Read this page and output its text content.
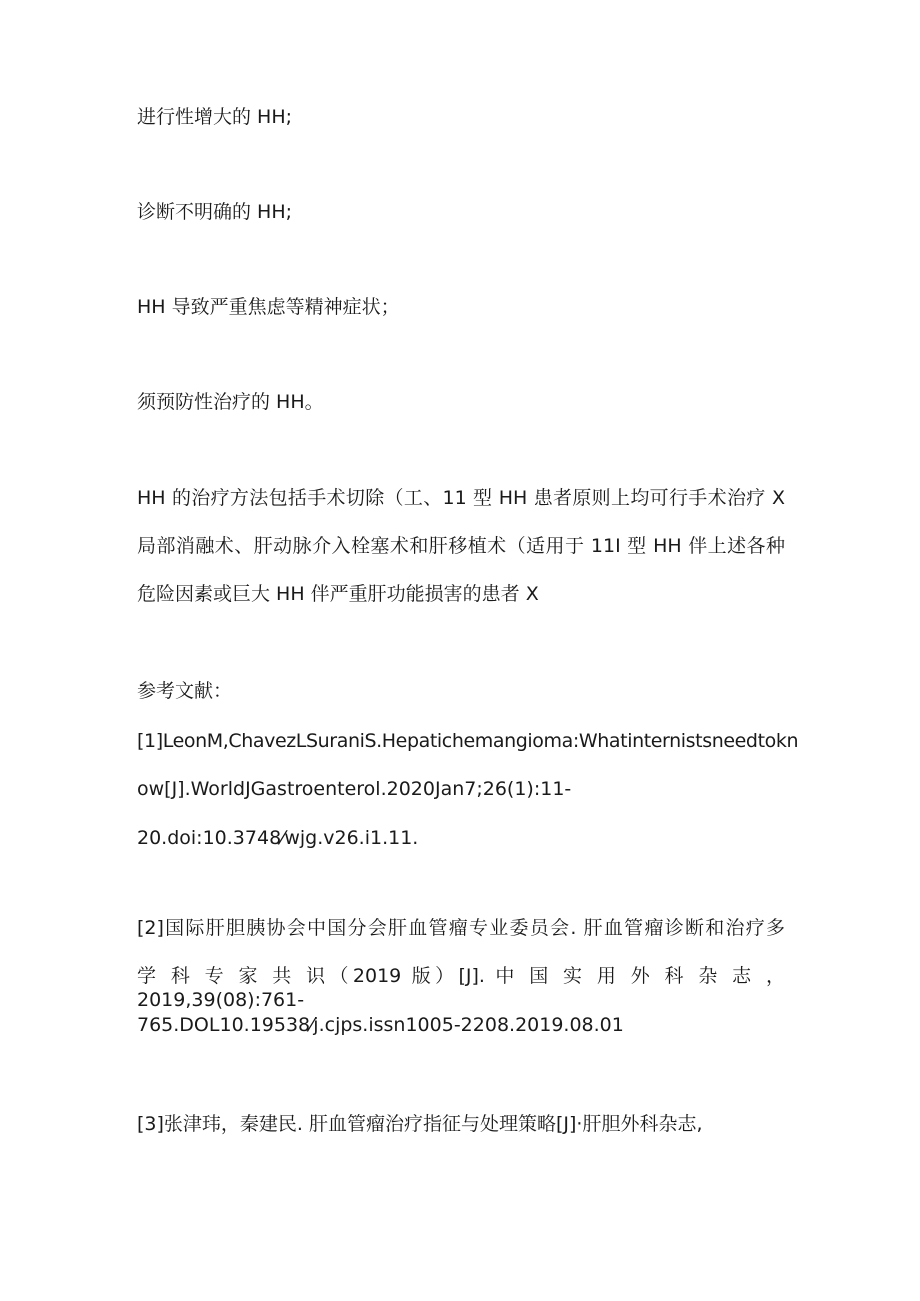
进行性增大的 HH;
诊断不明确的 HH;
HH 导致严重焦虑等精神症状；
须预防性治疗的 HH。
HH 的治疗方法包括手术切除（工、11 型 HH 患者原则上均可行手术治疗 X
局部消融术、肝动脉介入栓塞术和肝移植术（适用于 11I 型 HH 伴上述各种
危险因素或巨大 HH 伴严重肝功能损害的患者 X
参考文献：
[1]LeonM,ChavezLSuraniS.Hepatichemangioma:Whatinternistsneedtokn
ow[J].WorldJGastroenterol.2020Jan7;26(1):11-
20.doi:10.3748⁄wjg.v26.i1.11.
[2]国际肝胆胰协会中国分会肝血管瘤专业委员会. 肝血管瘤诊断和治疗多
学 科 专 家 共 识（2019 版）[J]. 中 国 实 用 外 科 杂 志 ， 2019,39(08):761-
765.DOL10.19538⁄j.cjps.issn1005-2208.2019.08.01
[3]张津玮，秦建民. 肝血管瘤治疗指征与处理策略[J]·肝胆外科杂志,
